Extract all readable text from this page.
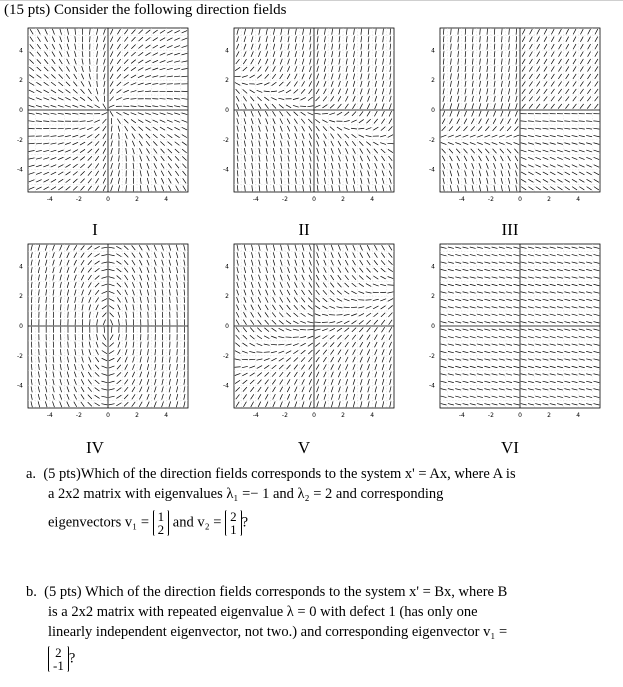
(15 pts) Consider the following direction fields
-4	-2	0	2	4
4
2
0
-2
-4
-4	-2	0	2	4
4
2
0
-2
-4
-4	-2	0	2	4
4
2
0
-2
-4
-4	-2	0	2	4
4
2
0
-2
-4
-4	-2	0	2	4
4
2
0
-2
-4
-4	-2	0	2	4
4
2
0
-2
-4
I	II	III
IV	V	VI
a. (5 pts)Which of the direction fields corresponds to the system x' = Ax, where A is
a 2x2 matrix with eigenvalues λ₁ =− 1 and λ₂ = 2 and corresponding
eigenvectors v₁ = 1
2 and v₂ = 2
1 ?
b. (5 pts) Which of the direction fields corresponds to the system x' = Bx, where B
is a 2x2 matrix with repeated eigenvalue λ = 0 with defect 1 (has only one
linearly independent eigenvector, not two.) and corresponding eigenvector v₁ =
2
-1 ?
